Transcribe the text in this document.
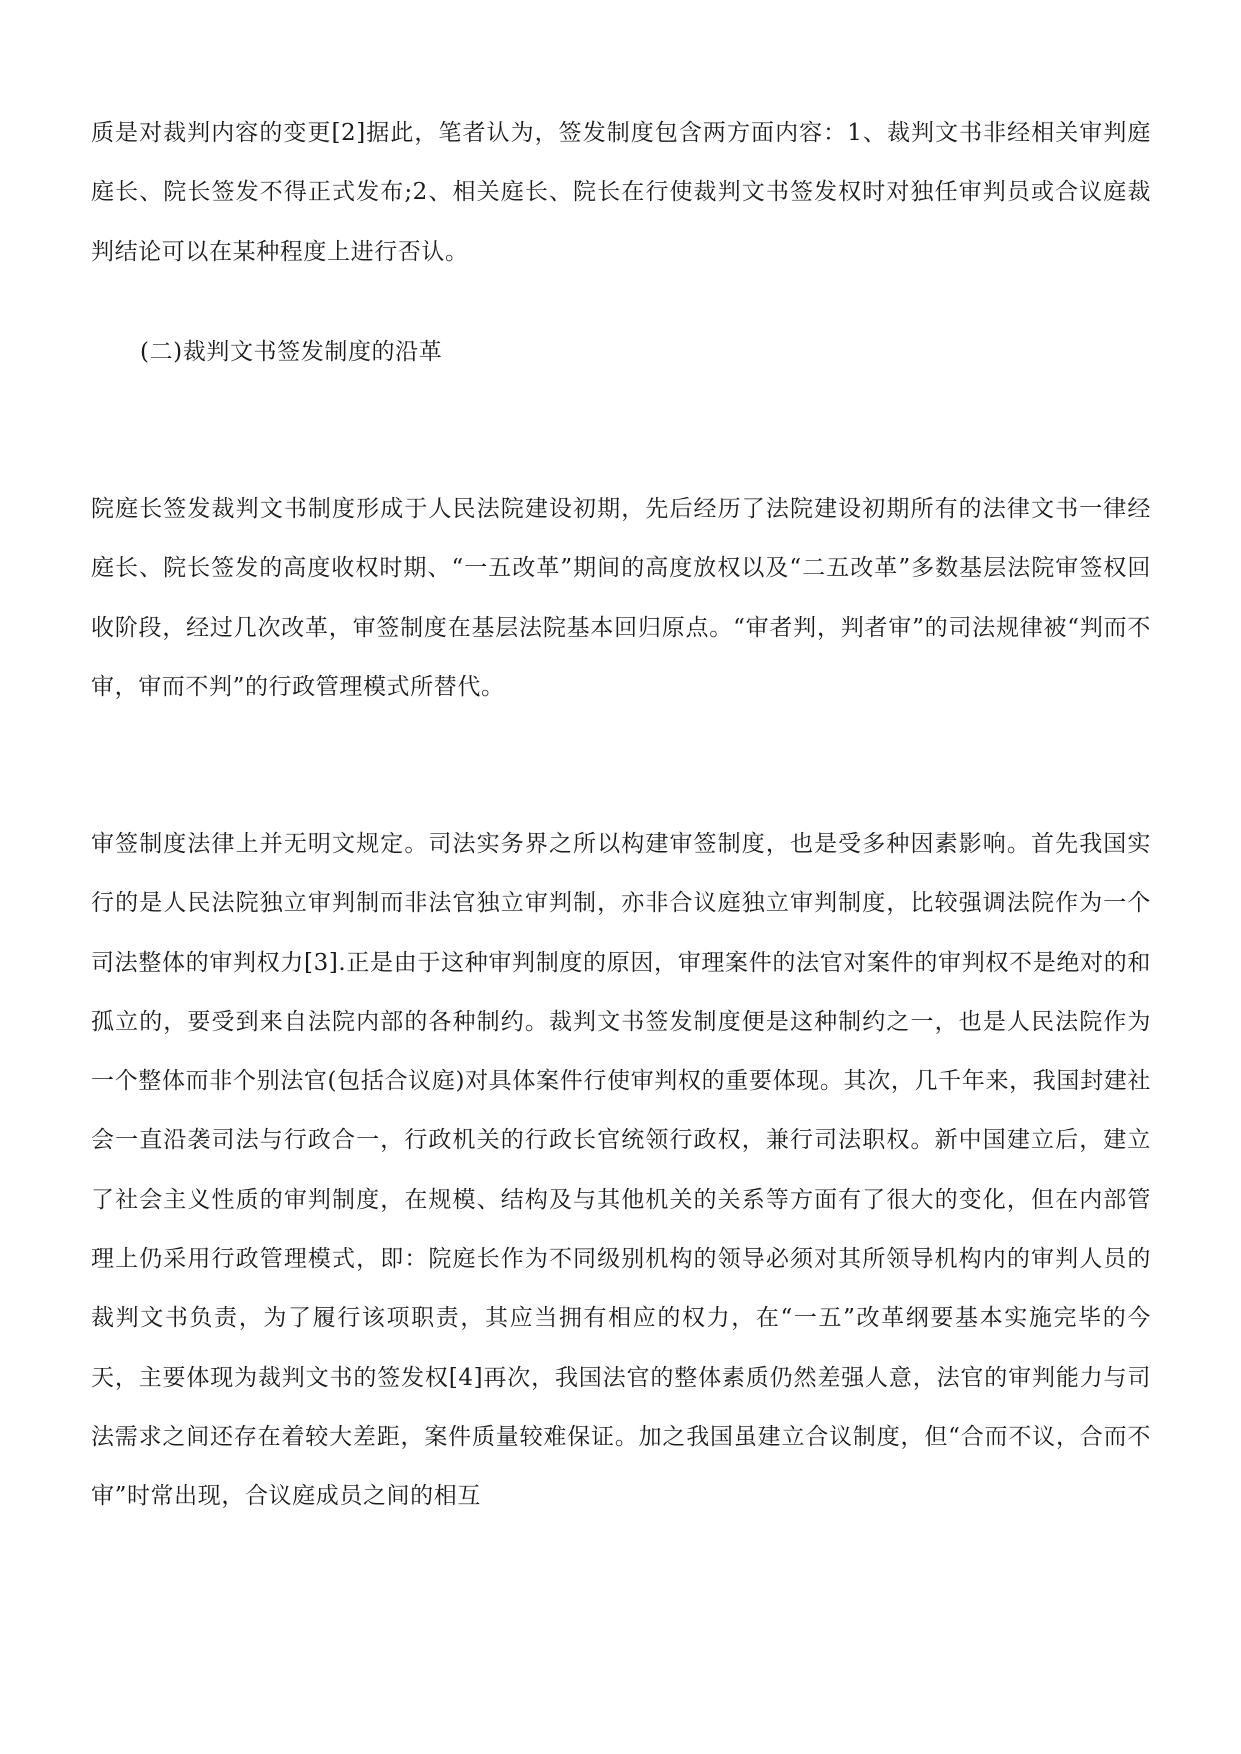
质是对裁判内容的变更[2]据此，笔者认为，签发制度包含两方面内容：1、裁判文书非经相关审判庭庭长、院长签发不得正式发布;2、相关庭长、院长在行使裁判文书签发权时对独任审判员或合议庭裁判结论可以在某种程度上进行否认。

(二)裁判文书签发制度的沿革

院庭长签发裁判文书制度形成于人民法院建设初期，先后经历了法院建设初期所有的法律文书一律经庭长、院长签发的高度收权时期、“一五改革”期间的高度放权以及“二五改革”多数基层法院审签权回收阶段，经过几次改革，审签制度在基层法院基本回归原点。“审者判，判者审”的司法规律被“判而不审，审而不判”的行政管理模式所替代。

审签制度法律上并无明文规定。司法实务界之所以构建审签制度，也是受多种因素影响。首先我国实行的是人民法院独立审判制而非法官独立审判制，亦非合议庭独立审判制度，比较强调法院作为一个司法整体的审判权力[3].正是由于这种审判制度的原因，审理案件的法官对案件的审判权不是绝对的和孤立的，要受到来自法院内部的各种制约。裁判文书签发制度便是这种制约之一，也是人民法院作为一个整体而非个别法官(包括合议庭)对具体案件行使审判权的重要体现。其次，几千年来，我国封建社会一直沿袭司法与行政合一，行政机关的行政长官统领行政权，兼行司法职权。新中国建立后，建立了社会主义性质的审判制度，在规模、结构及与其他机关的关系等方面有了很大的变化，但在内部管理上仍采用行政管理模式，即：院庭长作为不同级别机构的领导必须对其所领导机构内的审判人员的裁判文书负责，为了履行该项职责，其应当拥有相应的权力，在“一五”改革纲要基本实施完毕的今天，主要体现为裁判文书的签发权[4]再次，我国法官的整体素质仍然差强人意，法官的审判能力与司法需求之间还存在着较大差距，案件质量较难保证。加之我国虽建立合议制度，但“合而不议，合而不审”时常出现，合议庭成员之间的相互
